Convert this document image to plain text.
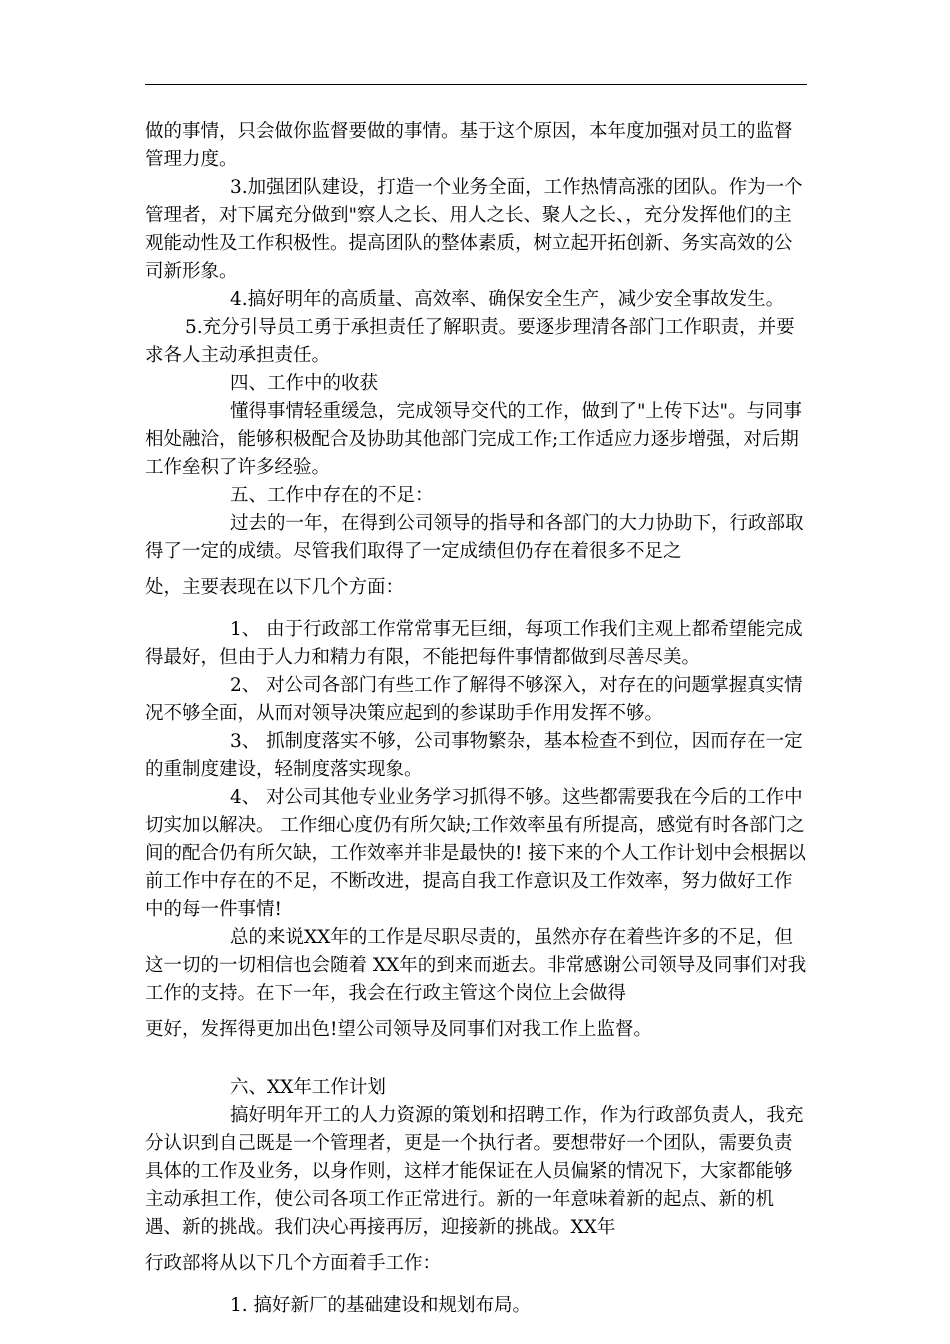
做的事情，只会做你监督要做的事情。基于这个原因，本年度加强对员工的监督管理力度。

3.加强团队建设，打造一个业务全面，工作热情高涨的团队。作为一个管理者，对下属充分做到"察人之长、用人之长、聚人之长、，充分发挥他们的主观能动性及工作积极性。提高团队的整体素质，树立起开拓创新、务实高效的公司新形象。

4.搞好明年的高质量、高效率、确保安全生产，减少安全事故发生。

5.充分引导员工勇于承担责任了解职责。要逐步理清各部门工作职责，并要求各人主动承担责任。

四、工作中的收获

懂得事情轻重缓急，完成领导交代的工作，做到了"上传下达"。与同事相处融洽，能够积极配合及协助其他部门完成工作;工作适应力逐步增强，对后期工作垒积了许多经验。

五、工作中存在的不足：

过去的一年，在得到公司领导的指导和各部门的大力协助下，行政部取得了一定的成绩。尽管我们取得了一定成绩但仍存在着很多不足之

处，主要表现在以下几个方面：

1、 由于行政部工作常常事无巨细，每项工作我们主观上都希望能完成得最好，但由于人力和精力有限，不能把每件事情都做到尽善尽美。

2、 对公司各部门有些工作了解得不够深入，对存在的问题掌握真实情况不够全面，从而对领导决策应起到的参谋助手作用发挥不够。

3、 抓制度落实不够，公司事物繁杂，基本检查不到位，因而存在一定的重制度建设，轻制度落实现象。

4、 对公司其他专业业务学习抓得不够。这些都需要我在今后的工作中切实加以解决。 工作细心度仍有所欠缺;工作效率虽有所提高，感觉有时各部门之间的配合仍有所欠缺，工作效率并非是最快的! 接下来的个人工作计划中会根据以前工作中存在的不足，不断改进，提高自我工作意识及工作效率，努力做好工作中的每一件事情!

总的来说XX年的工作是尽职尽责的，虽然亦存在着些许多的不足，但这一切的一切相信也会随着 XX年的到来而逝去。非常感谢公司领导及同事们对我工作的支持。在下一年，我会在行政主管这个岗位上会做得

更好，发挥得更加出色!望公司领导及同事们对我工作上监督。

六、XX年工作计划

搞好明年开工的人力资源的策划和招聘工作，作为行政部负责人，我充分认识到自己既是一个管理者，更是一个执行者。要想带好一个团队，需要负责具体的工作及业务，以身作则，这样才能保证在人员偏紧的情况下，大家都能够主动承担工作，使公司各项工作正常进行。新的一年意味着新的起点、新的机遇、新的挑战。我们决心再接再厉，迎接新的挑战。XX年

行政部将从以下几个方面着手工作：

1. 搞好新厂的基础建设和规划布局。
